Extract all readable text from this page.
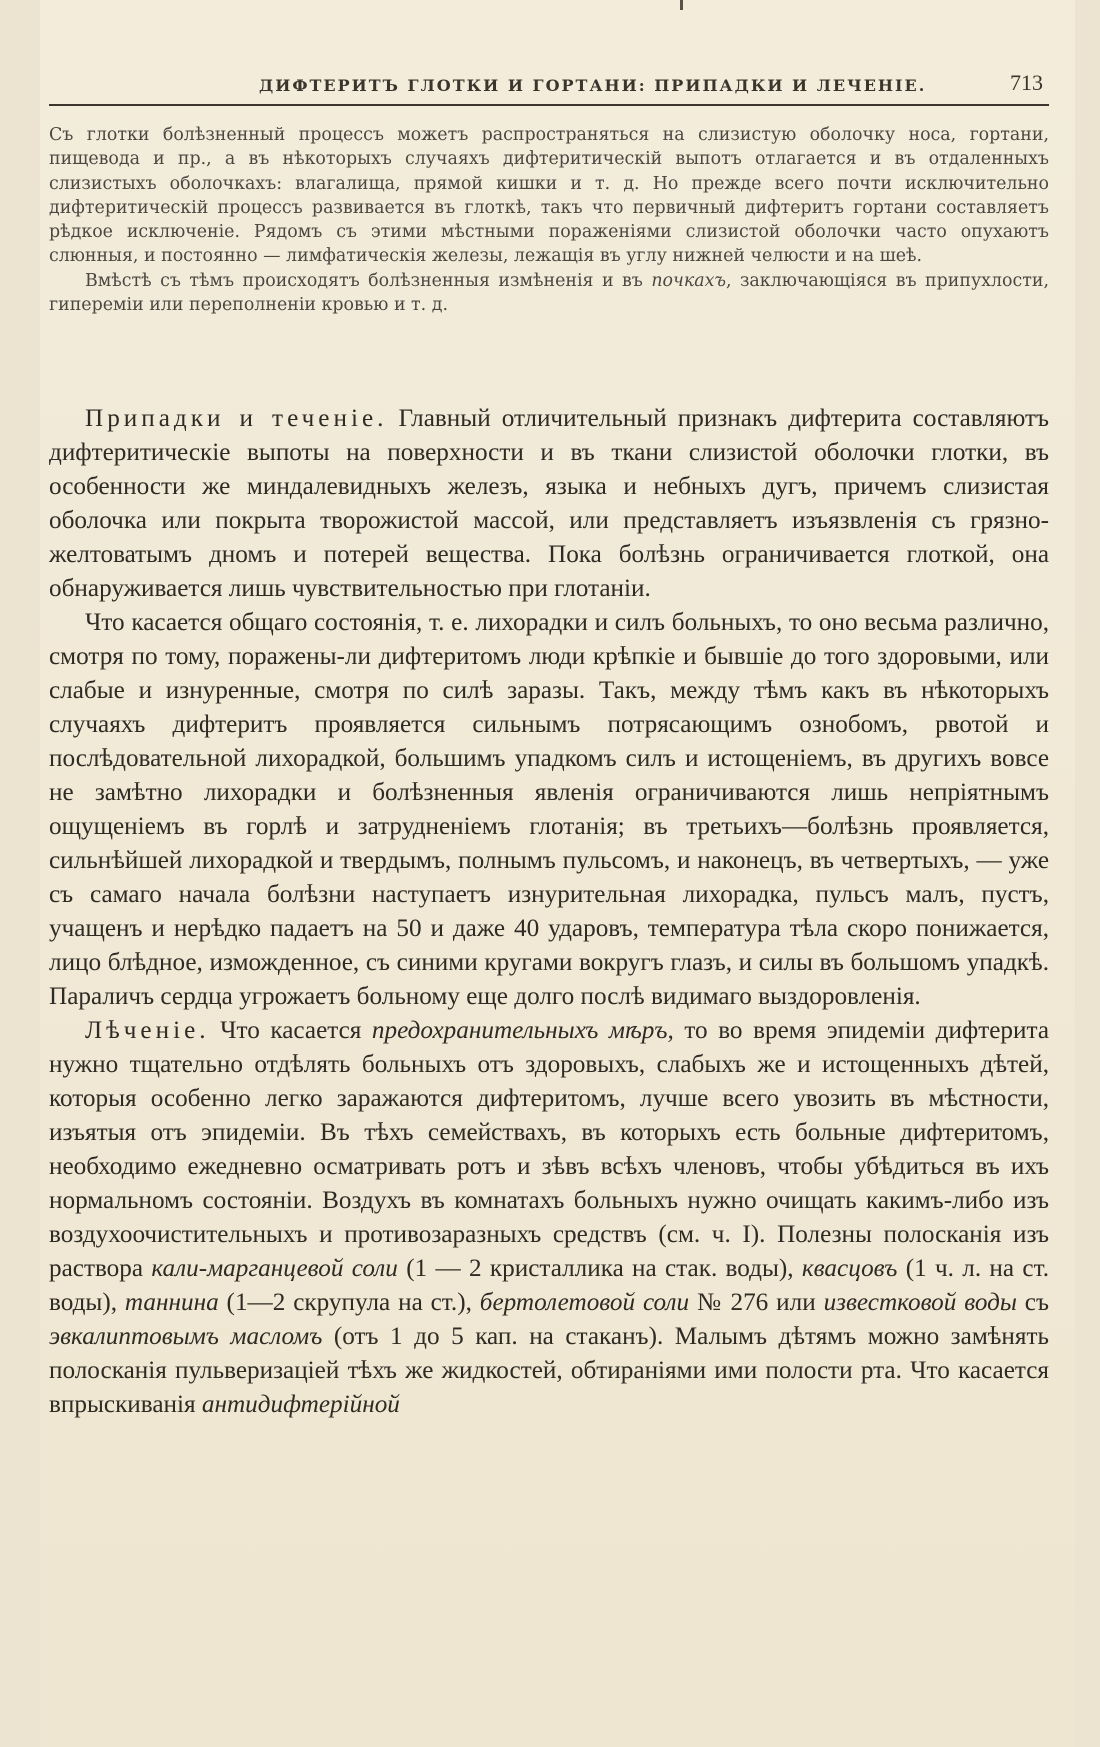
ДИФТЕРИТЪ ГЛОТКИ И ГОРТАНИ: ПРИПАДКИ И ЛЕЧЕНІЕ.	713

Съ глотки болѣзненный процессъ можетъ распространяться на слизистую оболочку носа, гортани, пищевода и пр., а въ нѣкоторыхъ случаяхъ дифтеритическій выпотъ отлагается и въ отдаленныхъ слизистыхъ оболочкахъ: влагалища, прямой кишки и т. д. Но прежде всего почти исключительно дифтеритическій процессъ развивается въ глоткѣ, такъ что первичный дифтеритъ гортани составляетъ рѣдкое исключеніе. Рядомъ съ этими мѣстными пораженіями слизистой оболочки часто опухаютъ слюнныя, и постоянно — лимфатическія железы, лежащія въ углу нижней челюсти и на шеѣ.

Вмѣстѣ съ тѣмъ происходятъ болѣзненныя измѣненія и въ почкахъ, заключающіяся въ припухлости, гипереміи или переполненіи кровью и т. д.

Припадки и теченіе. Главный отличительный признакъ дифтерита составляютъ дифтеритическіе выпоты на поверхности и въ ткани слизистой оболочки глотки, въ особенности же миндалевидныхъ железъ, языка и небныхъ дугъ, причемъ слизистая оболочка или покрыта творожистой массой, или представляетъ изъязвленія съ грязно-желтоватымъ дномъ и потерей вещества. Пока болѣзнь ограничивается глоткой, она обнаруживается лишь чувствительностью при глотаніи.

Что касается общаго состоянія, т. е. лихорадки и силъ больныхъ, то оно весьма различно, смотря по тому, поражены-ли дифтеритомъ люди крѣпкіе и бывшіе до того здоровыми, или слабые и изнуренные, смотря по силѣ заразы. Такъ, между тѣмъ какъ въ нѣкоторыхъ случаяхъ дифтеритъ проявляется сильнымъ потрясающимъ ознобомъ, рвотой и послѣдовательной лихорадкой, большимъ упадкомъ силъ и истощеніемъ, въ другихъ вовсе не замѣтно лихорадки и болѣзненныя явленія ограничиваются лишь непріятнымъ ощущеніемъ въ горлѣ и затрудненіемъ глотанія; въ третьихъ—болѣзнь проявляется, сильнѣйшей лихорадкой и твердымъ, полнымъ пульсомъ, и наконецъ, въ четвертыхъ, — уже съ самаго начала болѣзни наступаетъ изнурительная лихорадка, пульсъ малъ, пустъ, учащенъ и нерѣдко падаетъ на 50 и даже 40 ударовъ, температура тѣла скоро понижается, лицо блѣдное, изможденное, съ синими кругами вокругъ глазъ, и силы въ большомъ упадкѣ. Параличъ сердца угрожаетъ больному еще долго послѣ видимаго выздоровленія.

Лѣченіе. Что касается предохранительныхъ мѣръ, то во время эпидеміи дифтерита нужно тщательно отдѣлять больныхъ отъ здоровыхъ, слабыхъ же и истощенныхъ дѣтей, которыя особенно легко заражаются дифтеритомъ, лучше всего увозить въ мѣстности, изъятыя отъ эпидеміи. Въ тѣхъ семействахъ, въ которыхъ есть больные дифтеритомъ, необходимо ежедневно осматривать ротъ и зѣвъ всѣхъ членовъ, чтобы убѣдиться въ ихъ нормальномъ состояніи. Воздухъ въ комнатахъ больныхъ нужно очищать какимъ-либо изъ воздухоочистительныхъ и противозаразныхъ средствъ (см. ч. I). Полезны полосканія изъ раствора кали-марганцевой соли (1 — 2 кристаллика на стак. воды), квасцовъ (1 ч. л. на ст. воды), таннина (1—2 скрупула на ст.), бертолетовой соли № 276 или известковой воды съ эвкалиптовымъ масломъ (отъ 1 до 5 кап. на стаканъ). Малымъ дѣтямъ можно замѣнять полосканія пульверизаціей тѣхъ же жидкостей, обтираніями ими полости рта. Что касается впрыскиванія антидифтерійной
